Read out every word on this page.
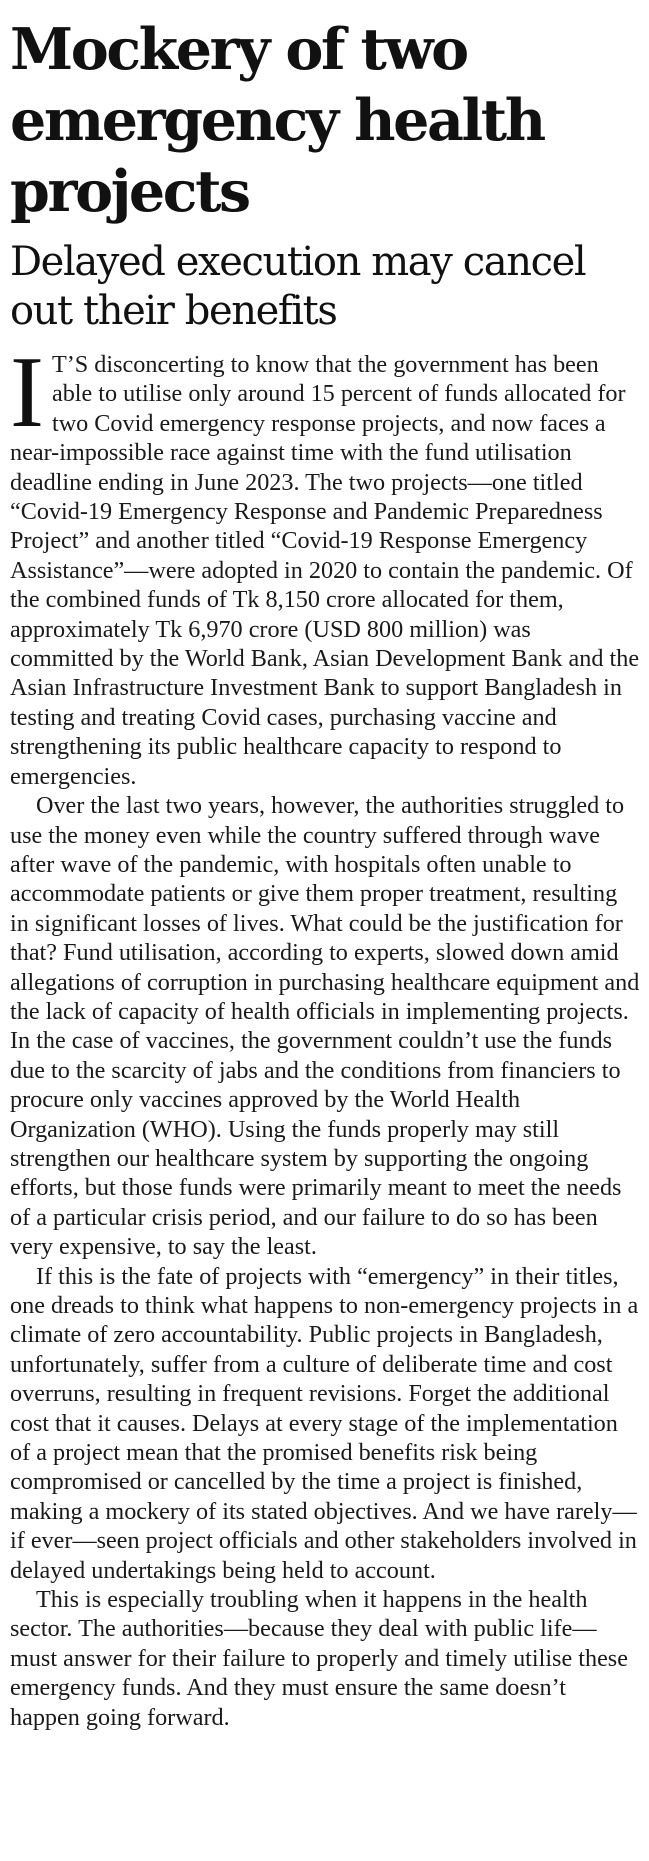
Mockery of two
emergency health
projects
Delayed execution may cancel
out their benefits

I T’S disconcerting to know that the government has been able to utilise only around 15 percent of funds allocated for two Covid emergency response projects, and now faces a near-impossible race against time with the fund utilisation deadline ending in June 2023. The two projects—one titled “Covid-19 Emergency Response and Pandemic Preparedness Project” and another titled “Covid-19 Response Emergency Assistance”—were adopted in 2020 to contain the pandemic. Of the combined funds of Tk 8,150 crore allocated for them, approximately Tk 6,970 crore (USD 800 million) was committed by the World Bank, Asian Development Bank and the Asian Infrastructure Investment Bank to support Bangladesh in testing and treating Covid cases, purchasing vaccine and strengthening its public healthcare capacity to respond to emergencies.

Over the last two years, however, the authorities struggled to use the money even while the country suffered through wave after wave of the pandemic, with hospitals often unable to accommodate patients or give them proper treatment, resulting in significant losses of lives. What could be the justification for that? Fund utilisation, according to experts, slowed down amid allegations of corruption in purchasing healthcare equipment and the lack of capacity of health officials in implementing projects. In the case of vaccines, the government couldn’t use the funds due to the scarcity of jabs and the conditions from financiers to procure only vaccines approved by the World Health Organization (WHO). Using the funds properly may still strengthen our healthcare system by supporting the ongoing efforts, but those funds were primarily meant to meet the needs of a particular crisis period, and our failure to do so has been very expensive, to say the least.

If this is the fate of projects with “emergency” in their titles, one dreads to think what happens to non-emergency projects in a climate of zero accountability. Public projects in Bangladesh, unfortunately, suffer from a culture of deliberate time and cost overruns, resulting in frequent revisions. Forget the additional cost that it causes. Delays at every stage of the implementation of a project mean that the promised benefits risk being compromised or cancelled by the time a project is finished, making a mockery of its stated objectives. And we have rarely—if ever—seen project officials and other stakeholders involved in delayed undertakings being held to account.

This is especially troubling when it happens in the health sector. The authorities—because they deal with public life—must answer for their failure to properly and timely utilise these emergency funds. And they must ensure the same doesn’t happen going forward.
